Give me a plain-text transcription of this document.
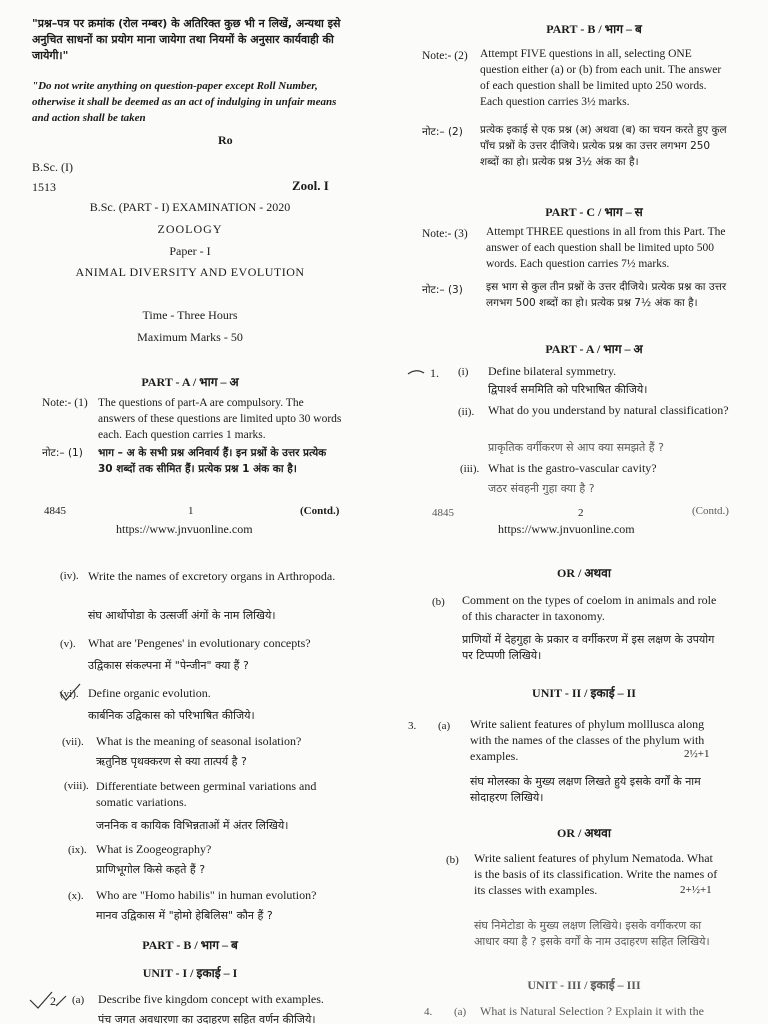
"प्रश्न–पत्र पर क्रमांक (रोल नम्बर) के अतिरिक्त कुछ भी न लिखें, अन्यथा इसे अनुचित साधनों का प्रयोग माना जायेगा तथा नियमों के अनुसार कार्यवाही की जायेगी।"
"Do not write anything on question-paper except Roll Number, otherwise it shall be deemed as an act of indulging in unfair means and action shall be taken
Ro
B.Sc. (I)
1513	Zool. I
B.Sc. (PART - I) EXAMINATION - 2020
ZOOLOGY
Paper - I
ANIMAL DIVERSITY AND EVOLUTION
Time - Three Hours
Maximum Marks - 50
PART - A / भाग – अ
Note:- (1) The questions of part-A are compulsory. The answers of these questions are limited upto 30 words each. Each question carries 1 marks.
नोट:– (1) भाग – अ के सभी प्रश्न अनिवार्य हैं। इन प्रश्नों के उत्तर प्रत्येक 30 शब्दों तक सीमित हैं। प्रत्येक प्रश्न 1 अंक का है।
4845	1	(Contd.)
https://www.jnvuonline.com
PART - B / भाग – ब
Note:- (2) Attempt FIVE questions in all, selecting ONE question either (a) or (b) from each unit. The answer of each question shall be limited upto 250 words. Each question carries 3½ marks.
नोट:– (2) प्रत्येक इकाई से एक प्रश्न (अ) अथवा (ब) का चयन करते हुए कुल पाँच प्रश्नों के उत्तर दीजिये। प्रत्येक प्रश्न का उत्तर लगभग 250 शब्दों का हो। प्रत्येक प्रश्न 3½ अंक का है।
PART - C / भाग – स
Note:- (3) Attempt THREE questions in all from this Part. The answer of each question shall be limited upto 500 words. Each question carries 7½ marks.
नोट:– (3) इस भाग से कुल तीन प्रश्नों के उत्तर दीजिये। प्रत्येक प्रश्न का उत्तर लगभग 500 शब्दों का हो। प्रत्येक प्रश्न 7½ अंक का है।
PART - A / भाग – अ
1. (i) Define bilateral symmetry.
द्विपार्श्व सममिति को परिभाषित कीजिये।
(ii). What do you understand by natural classification?
प्राकृतिक वर्गीकरण से आप क्या समझते हैं ?
(iii). What is the gastro-vascular cavity?
जठर संवहनी गुहा क्या है ?
4845	2	(Contd.)
https://www.jnvuonline.com
(iv). Write the names of excretory organs in Arthropoda.
संघ आर्थोपोडा के उत्सर्जी अंगों के नाम लिखिये।
(v). What are 'Pengenes' in evolutionary concepts?
उद्विकास संकल्पना में "पेन्जीन" क्या हैं ?
(vi). Define organic evolution.
कार्बनिक उद्विकास को परिभाषित कीजिये।
(vii). What is the meaning of seasonal isolation?
ऋतुनिष्ठ पृथक्करण से क्या तात्पर्य है ?
(viii). Differentiate between germinal variations and somatic variations.
जननिक व कायिक विभिन्नताओं में अंतर लिखिये।
(ix). What is Zoogeography?
प्राणिभूगोल किसे कहते हैं ?
(x). Who are "Homo habilis" in human evolution?
मानव उद्विकास में "होमो हेबिलिस" कौन हैं ?
PART - B / भाग – ब
UNIT - I / इकाई – I
2. (a) Describe five kingdom concept with examples.
पंच जगत अवधारणा का उदाहरण सहित वर्णन कीजिये।
OR / अथवा
(b) Comment on the types of coelom in animals and role of this character in taxonomy.
प्राणियों में देहगुहा के प्रकार व वर्गीकरण में इस लक्षण के उपयोग पर टिप्पणी लिखिये।
UNIT - II / इकाई – II
3. (a) Write salient features of phylum molllusca along with the names of the classes of the phylum with examples.	2½+1
संघ मोलस्का के मुख्य लक्षण लिखते हुये इसके वर्गों के नाम सोदाहरण लिखिये।
OR / अथवा
(b) Write salient features of phylum Nematoda. What is the basis of its classification. Write the names of its classes with examples.	2+½+1
संघ निमेटोडा के मुख्य लक्षण लिखिये। इसके वर्गीकरण का आधार क्या है ? इसके वर्गों के नाम उदाहरण सहित लिखिये।
UNIT - III / इकाई – III
4. (a) What is Natural Selection ? Explain it with the
